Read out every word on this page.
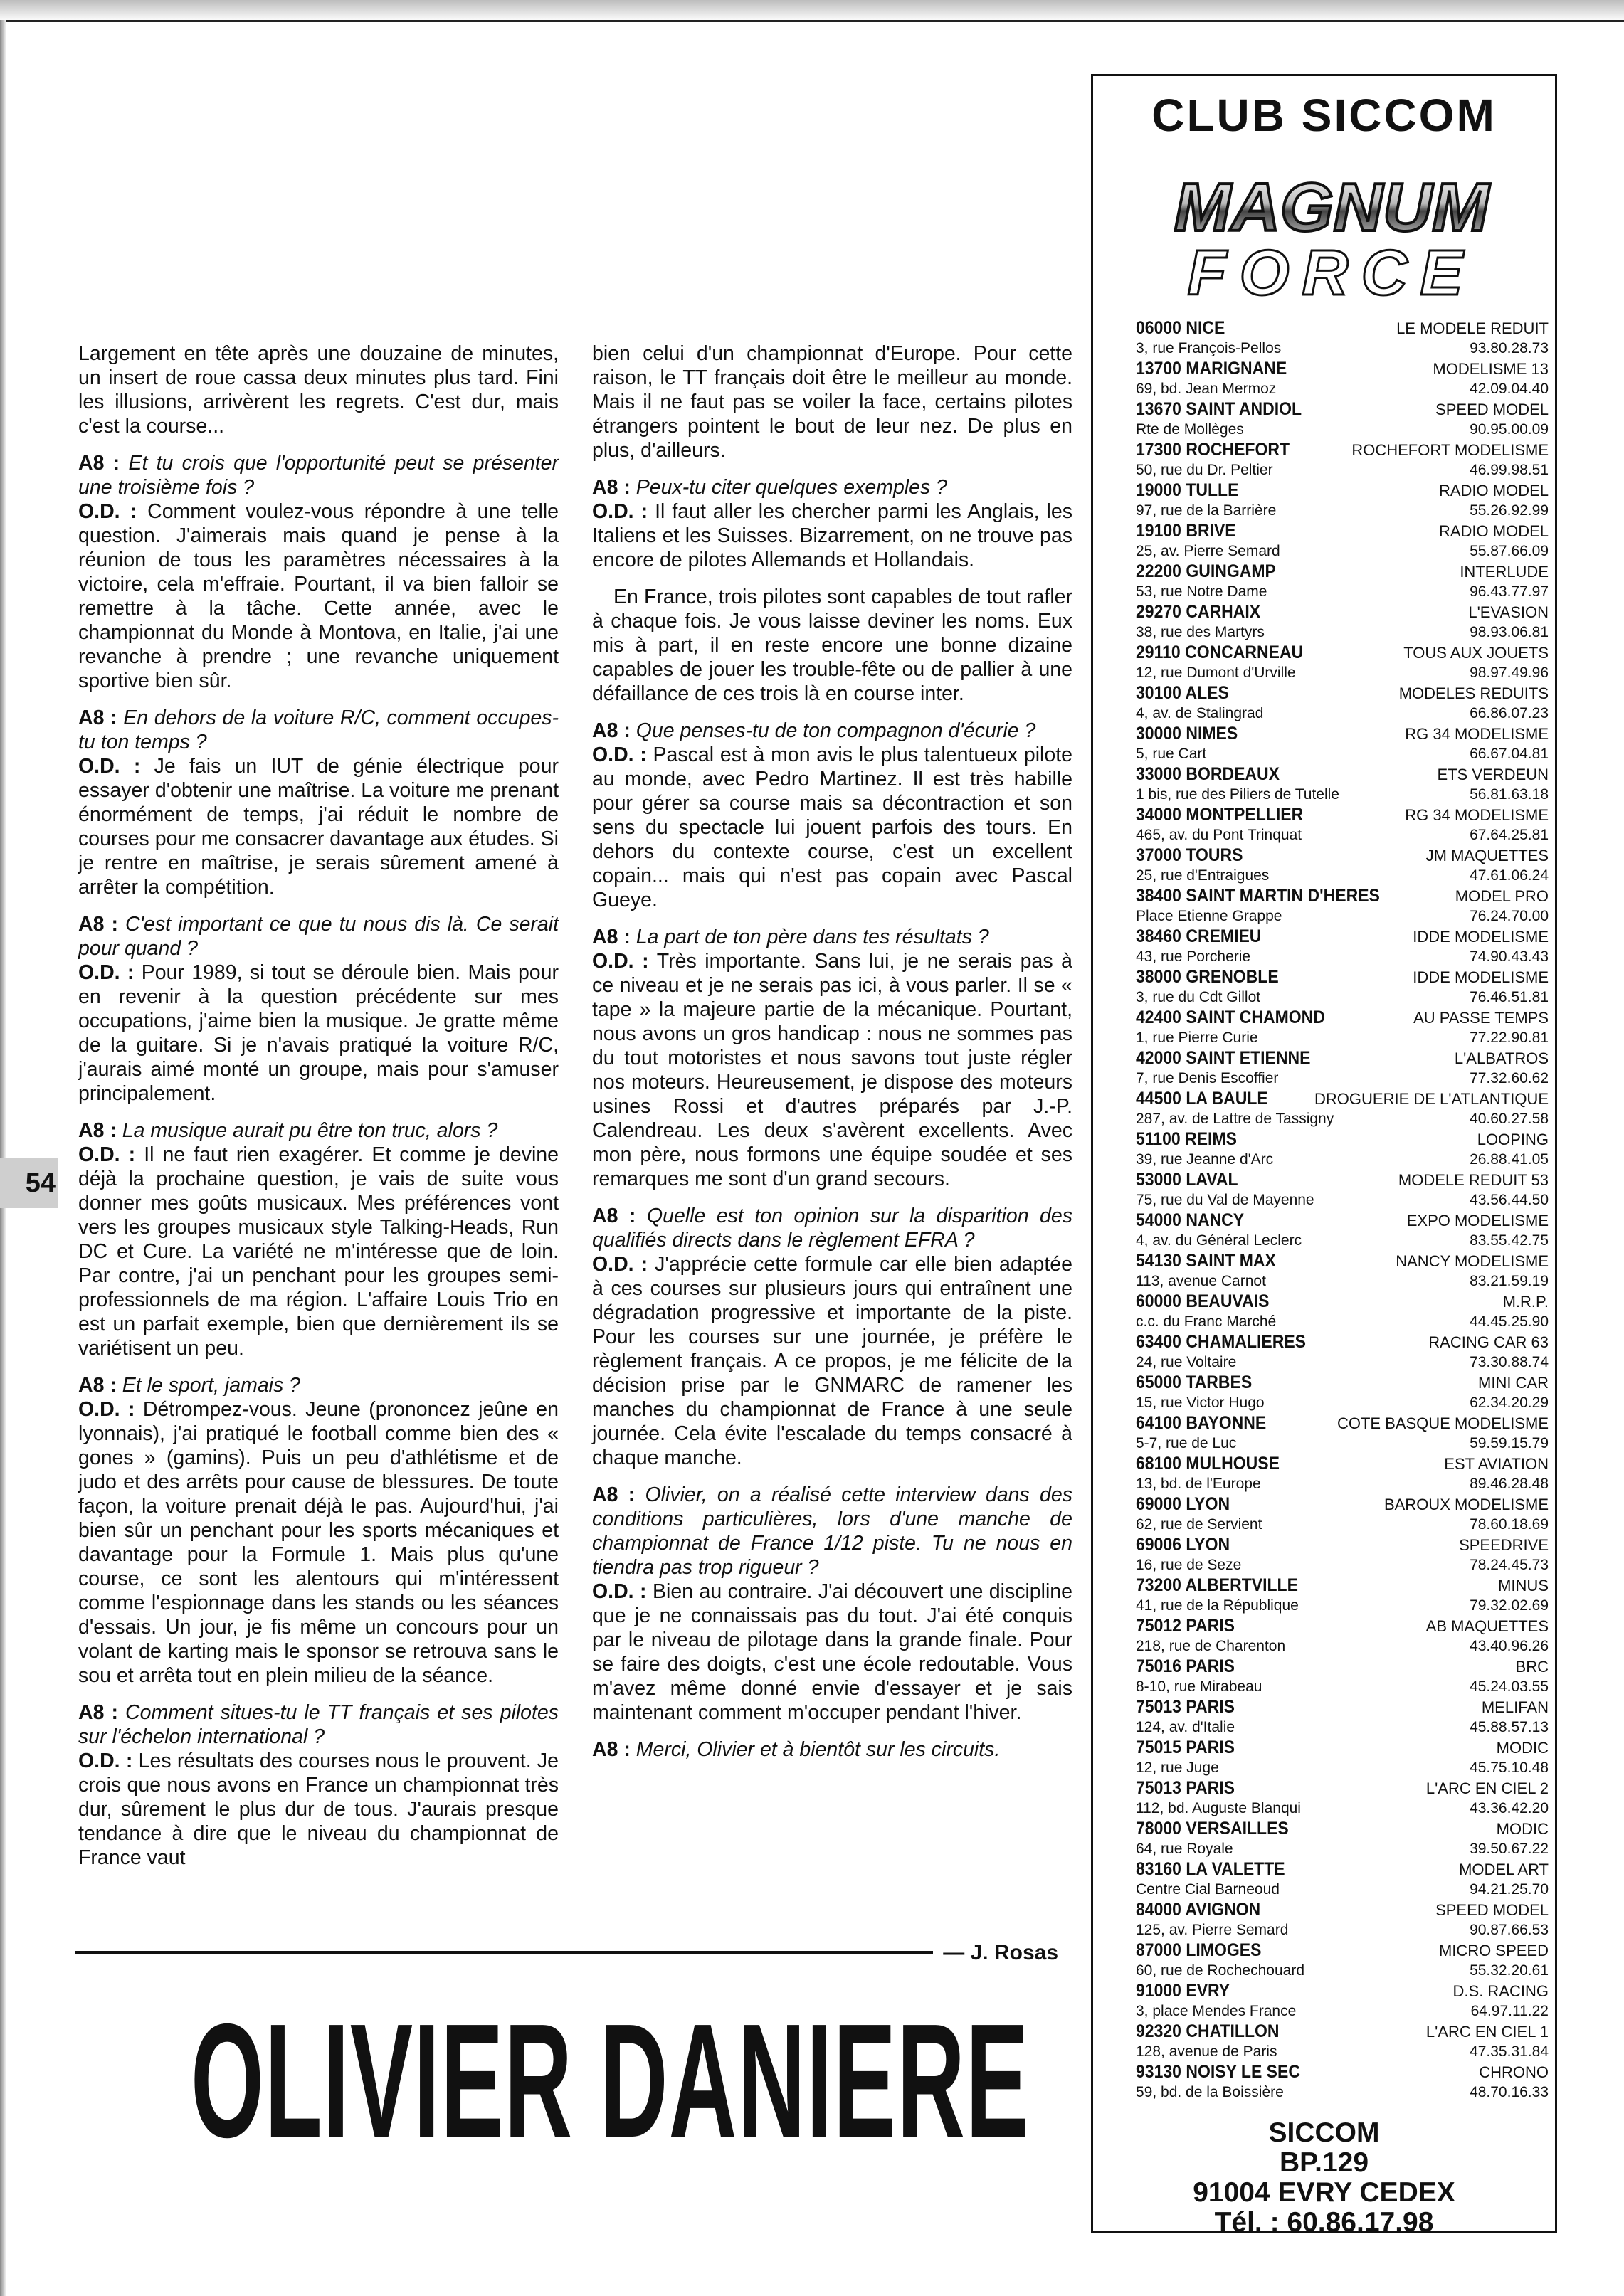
Largement en tête après une douzaine de minutes, un insert de roue cassa deux minutes plus tard. Fini les illusions, arrivèrent les regrets. C'est dur, mais c'est la course...

A8 : Et tu crois que l'opportunité peut se présenter une troisième fois ?
O.D. : Comment voulez-vous répondre à une telle question. J'aimerais mais quand je pense à la réunion de tous les paramètres nécessaires à la victoire, cela m'effraie. Pourtant, il va bien falloir se remettre à la tâche. Cette année, avec le championnat du Monde à Montova, en Italie, j'ai une revanche à prendre ; une revanche uniquement sportive bien sûr.

A8 : En dehors de la voiture R/C, comment occupes-tu ton temps ?
O.D. : Je fais un IUT de génie électrique pour essayer d'obtenir une maîtrise. La voiture me prenant énormément de temps, j'ai réduit le nombre de courses pour me consacrer davantage aux études. Si je rentre en maîtrise, je serais sûrement amené à arrêter la compétition.

A8 : C'est important ce que tu nous dis là. Ce serait pour quand ?
O.D. : Pour 1989, si tout se déroule bien. Mais pour en revenir à la question précédente sur mes occupations, j'aime bien la musique. Je gratte même de la guitare. Si je n'avais pratiqué la voiture R/C, j'aurais aimé monté un groupe, mais pour s'amuser principalement.

A8 : La musique aurait pu être ton truc, alors ?
O.D. : Il ne faut rien exagérer. Et comme je devine déjà la prochaine question, je vais de suite vous donner mes goûts musicaux. Mes préférences vont vers les groupes musicaux style Talking-Heads, Run DC et Cure. La variété ne m'intéresse que de loin. Par contre, j'ai un penchant pour les groupes semi-professionnels de ma région. L'affaire Louis Trio en est un parfait exemple, bien que dernièrement ils se variétisent un peu.

A8 : Et le sport, jamais ?
O.D. : Détrompez-vous. Jeune (prononcez jeûne en lyonnais), j'ai pratiqué le football comme bien des « gones » (gamins). Puis un peu d'athlétisme et de judo et des arrêts pour cause de blessures. De toute façon, la voiture prenait déjà le pas. Aujourd'hui, j'ai bien sûr un penchant pour les sports mécaniques et davantage pour la Formule 1. Mais plus qu'une course, ce sont les alentours qui m'intéressent comme l'espionnage dans les stands ou les séances d'essais. Un jour, je fis même un concours pour un volant de karting mais le sponsor se retrouva sans le sou et arrêta tout en plein milieu de la séance.

A8 : Comment situes-tu le TT français et ses pilotes sur l'échelon international ?
O.D. : Les résultats des courses nous le prouvent. Je crois que nous avons en France un championnat très dur, sûrement le plus dur de tous. J'aurais presque tendance à dire que le niveau du championnat de France vaut

bien celui d'un championnat d'Europe. Pour cette raison, le TT français doit être le meilleur au monde. Mais il ne faut pas se voiler la face, certains pilotes étrangers pointent le bout de leur nez. De plus en plus, d'ailleurs.

A8 : Peux-tu citer quelques exemples ?
O.D. : Il faut aller les chercher parmi les Anglais, les Italiens et les Suisses. Bizarrement, on ne trouve pas encore de pilotes Allemands et Hollandais.

En France, trois pilotes sont capables de tout rafler à chaque fois. Je vous laisse deviner les noms. Eux mis à part, il en reste encore une bonne dizaine capables de jouer les trouble-fête ou de pallier à une défaillance de ces trois là en course inter.

A8 : Que penses-tu de ton compagnon d'écurie ?
O.D. : Pascal est à mon avis le plus talentueux pilote au monde, avec Pedro Martinez. Il est très habille pour gérer sa course mais sa décontraction et son sens du spectacle lui jouent parfois des tours. En dehors du contexte course, c'est un excellent copain... mais qui n'est pas copain avec Pascal Gueye.

A8 : La part de ton père dans tes résultats ?
O.D. : Très importante. Sans lui, je ne serais pas à ce niveau et je ne serais pas ici, à vous parler. Il se « tape » la majeure partie de la mécanique. Pourtant, nous avons un gros handicap : nous ne sommes pas du tout motoristes et nous savons tout juste régler nos moteurs. Heureusement, je dispose des moteurs usines Rossi et d'autres préparés par J.-P. Calendreau. Les deux s'avèrent excellents. Avec mon père, nous formons une équipe soudée et ses remarques me sont d'un grand secours.

A8 : Quelle est ton opinion sur la disparition des qualifiés directs dans le règlement EFRA ?
O.D. : J'apprécie cette formule car elle bien adaptée à ces courses sur plusieurs jours qui entraînent une dégradation progressive et importante de la piste. Pour les courses sur une journée, je préfère le règlement français. A ce propos, je me félicite de la décision prise par le GNMARC de ramener les manches du championnat de France à une seule journée. Cela évite l'escalade du temps consacré à chaque manche.

A8 : Olivier, on a réalisé cette interview dans des conditions particulières, lors d'une manche de championnat de France 1/12 piste. Tu ne nous en tiendra pas trop rigueur ?
O.D. : Bien au contraire. J'ai découvert une discipline que je ne connaissais pas du tout. J'ai été conquis par le niveau de pilotage dans la grande finale. Pour se faire des doigts, c'est une école redoutable. Vous m'avez même donné envie d'essayer et je sais maintenant comment m'occuper pendant l'hiver.

A8 : Merci, Olivier et à bientôt sur les circuits.

54
— J. Rosas
OLIVIER DANIERE
CLUB SICCOM
MAGNUM
FORCE
06000 NICE	LE MODELE REDUIT
3, rue François-Pellos	93.80.28.73
13700 MARIGNANE	MODELISME 13
69, bd. Jean Mermoz	42.09.04.40
13670 SAINT ANDIOL	SPEED MODEL
Rte de Mollèges	90.95.00.09
17300 ROCHEFORT	ROCHEFORT MODELISME
50, rue du Dr. Peltier	46.99.98.51
19000 TULLE	RADIO MODEL
97, rue de la Barrière	55.26.92.99
19100 BRIVE	RADIO MODEL
25, av. Pierre Semard	55.87.66.09
22200 GUINGAMP	INTERLUDE
53, rue Notre Dame	96.43.77.97
29270 CARHAIX	L'EVASION
38, rue des Martyrs	98.93.06.81
29110 CONCARNEAU	TOUS AUX JOUETS
12, rue Dumont d'Urville	98.97.49.96
30100 ALES	MODELES REDUITS
4, av. de Stalingrad	66.86.07.23
30000 NIMES	RG 34 MODELISME
5, rue Cart	66.67.04.81
33000 BORDEAUX	ETS VERDEUN
1 bis, rue des Piliers de Tutelle	56.81.63.18
34000 MONTPELLIER	RG 34 MODELISME
465, av. du Pont Trinquat	67.64.25.81
37000 TOURS	JM MAQUETTES
25, rue d'Entraigues	47.61.06.24
38400 SAINT MARTIN D'HERES	MODEL PRO
Place Etienne Grappe	76.24.70.00
38460 CREMIEU	IDDE MODELISME
43, rue Porcherie	74.90.43.43
38000 GRENOBLE	IDDE MODELISME
3, rue du Cdt Gillot	76.46.51.81
42400 SAINT CHAMOND	AU PASSE TEMPS
1, rue Pierre Curie	77.22.90.81
42000 SAINT ETIENNE	L'ALBATROS
7, rue Denis Escoffier	77.32.60.62
44500 LA BAULE	DROGUERIE DE L'ATLANTIQUE
287, av. de Lattre de Tassigny	40.60.27.58
51100 REIMS	LOOPING
39, rue Jeanne d'Arc	26.88.41.05
53000 LAVAL	MODELE REDUIT 53
75, rue du Val de Mayenne	43.56.44.50
54000 NANCY	EXPO MODELISME
4, av. du Général Leclerc	83.55.42.75
54130 SAINT MAX	NANCY MODELISME
113, avenue Carnot	83.21.59.19
60000 BEAUVAIS	M.R.P.
c.c. du Franc Marché	44.45.25.90
63400 CHAMALIERES	RACING CAR 63
24, rue Voltaire	73.30.88.74
65000 TARBES	MINI CAR
15, rue Victor Hugo	62.34.20.29
64100 BAYONNE	COTE BASQUE MODELISME
5-7, rue de Luc	59.59.15.79
68100 MULHOUSE	EST AVIATION
13, bd. de l'Europe	89.46.28.48
69000 LYON	BAROUX MODELISME
62, rue de Servient	78.60.18.69
69006 LYON	SPEEDRIVE
16, rue de Seze	78.24.45.73
73200 ALBERTVILLE	MINUS
41, rue de la République	79.32.02.69
75012 PARIS	AB MAQUETTES
218, rue de Charenton	43.40.96.26
75016 PARIS	BRC
8-10, rue Mirabeau	45.24.03.55
75013 PARIS	MELIFAN
124, av. d'Italie	45.88.57.13
75015 PARIS	MODIC
12, rue Juge	45.75.10.48
75013 PARIS	L'ARC EN CIEL 2
112, bd. Auguste Blanqui	43.36.42.20
78000 VERSAILLES	MODIC
64, rue Royale	39.50.67.22
83160 LA VALETTE	MODEL ART
Centre Cial Barneoud	94.21.25.70
84000 AVIGNON	SPEED MODEL
125, av. Pierre Semard	90.87.66.53
87000 LIMOGES	MICRO SPEED
60, rue de Rochechouard	55.32.20.61
91000 EVRY	D.S. RACING
3, place Mendes France	64.97.11.22
92320 CHATILLON	L'ARC EN CIEL 1
128, avenue de Paris	47.35.31.84
93130 NOISY LE SEC	CHRONO
59, bd. de la Boissière	48.70.16.33
SICCOM
BP.129
91004 EVRY CEDEX
Tél. : 60.86.17.98
